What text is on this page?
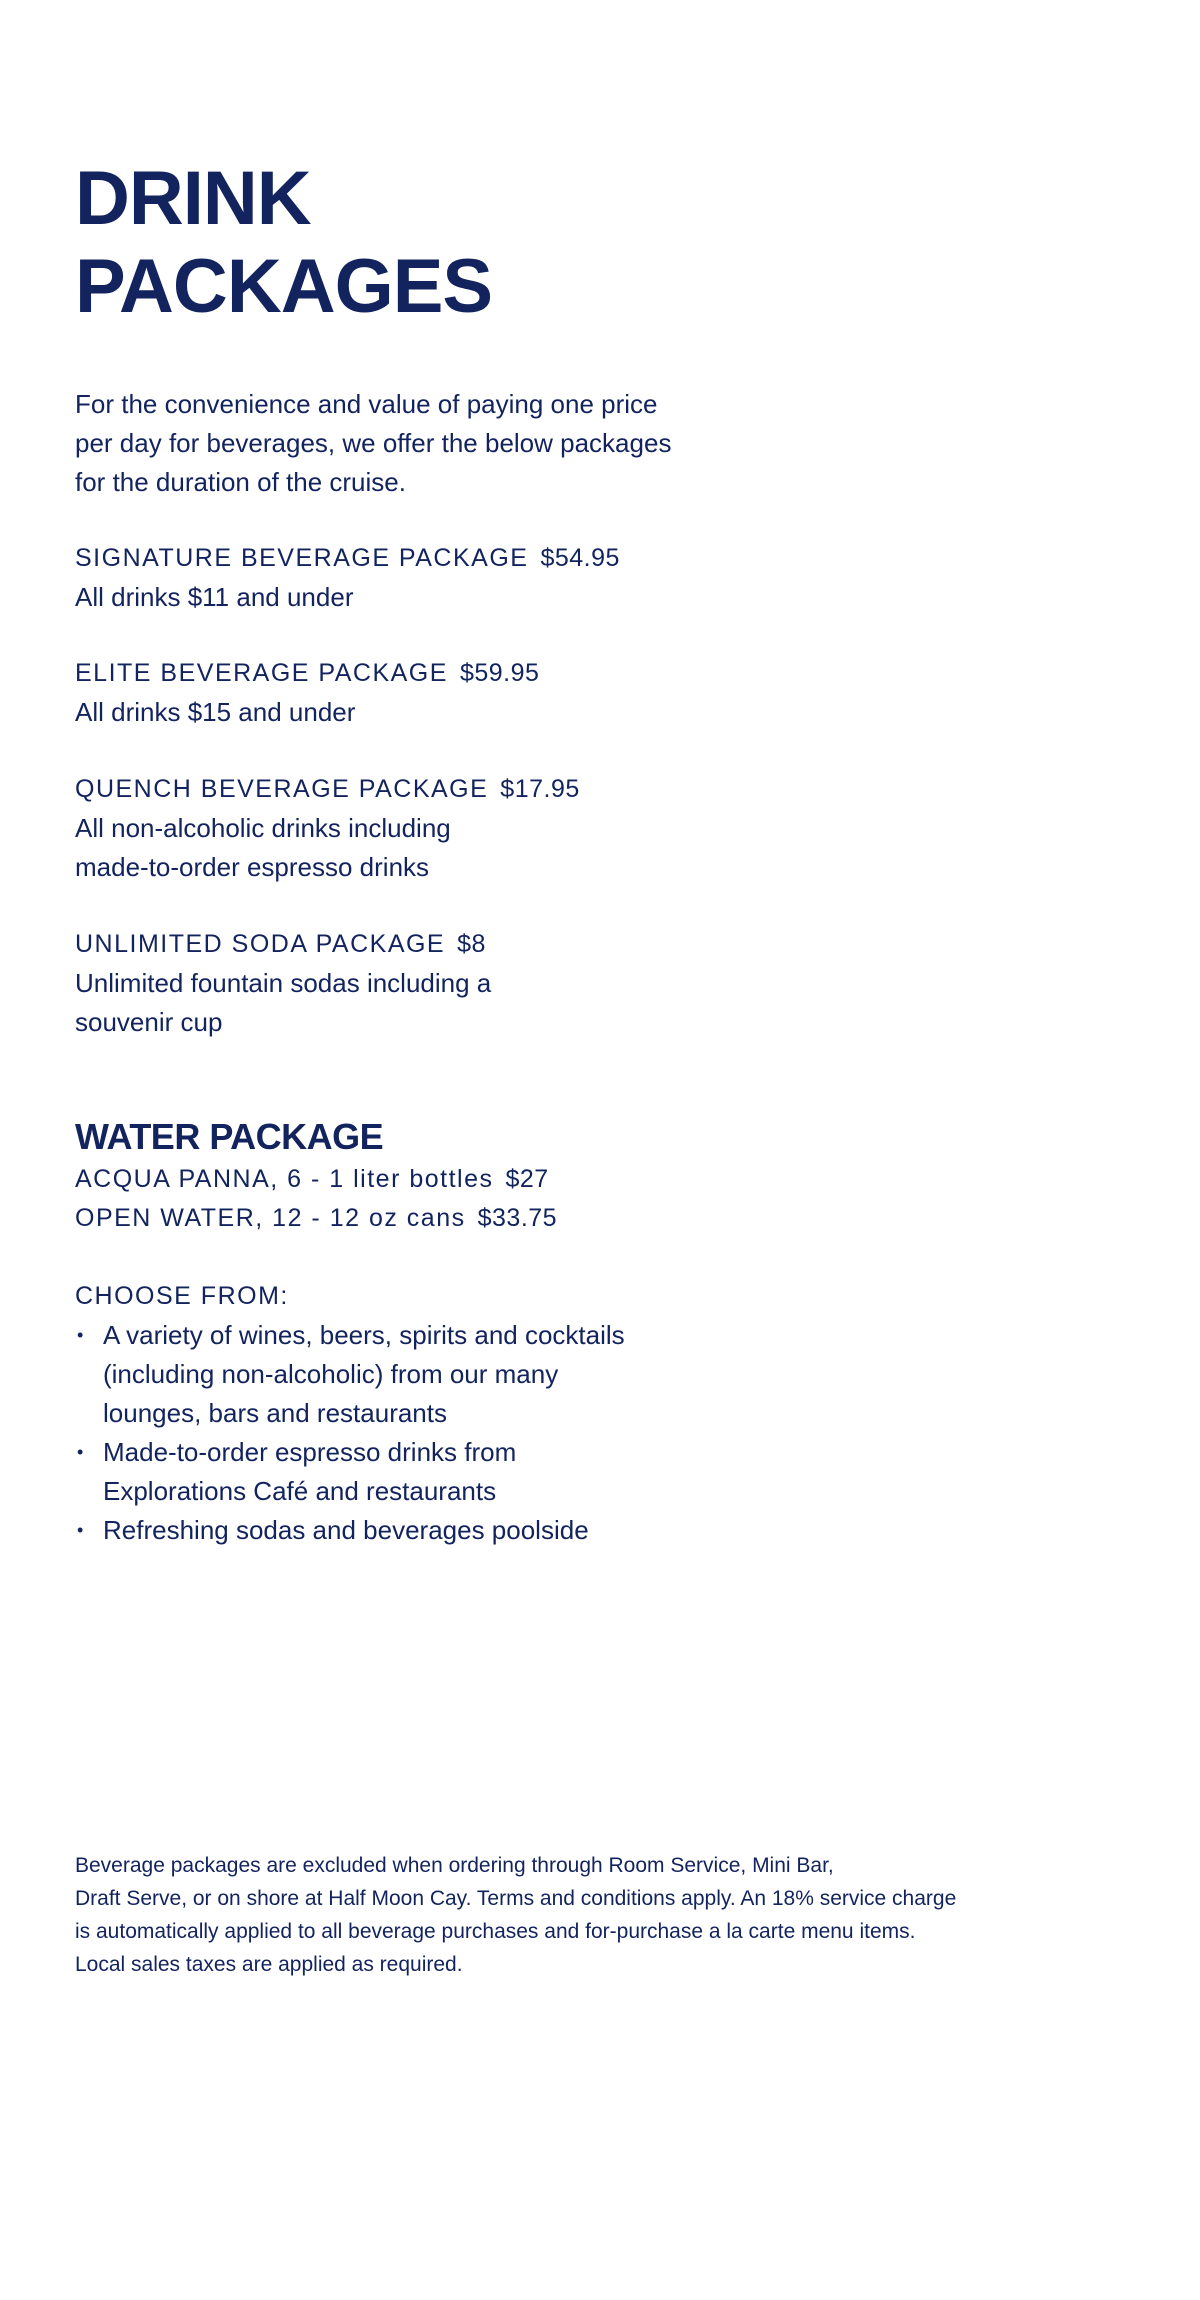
DRINK
PACKAGES

For the convenience and value of paying one price per day for beverages, we offer the below packages for the duration of the cruise.

SIGNATURE BEVERAGE PACKAGE $54.95

All drinks $11 and under

ELITE BEVERAGE PACKAGE $59.95

All drinks $15 and under

QUENCH BEVERAGE PACKAGE $17.95

All non-alcoholic drinks including

made-to-order espresso drinks

UNLIMITED SODA PACKAGE $8

Unlimited fountain sodas including a

souvenir cup

WATER PACKAGE

ACQUA PANNA, 6 - 1 liter bottles $27

OPEN WATER, 12 - 12 oz cans $33.75

CHOOSE FROM:

• A variety of wines, beers, spirits and cocktails
(including non-alcoholic) from our many
lounges, bars and restaurants
• Made-to-order espresso drinks from
Explorations Café and restaurants
• Refreshing sodas and beverages poolside

Beverage packages are excluded when ordering through Room Service, Mini Bar,
Draft Serve, or on shore at Half Moon Cay. Terms and conditions apply. An 18% service charge
is automatically applied to all beverage purchases and for-purchase a la carte menu items.
Local sales taxes are applied as required.
